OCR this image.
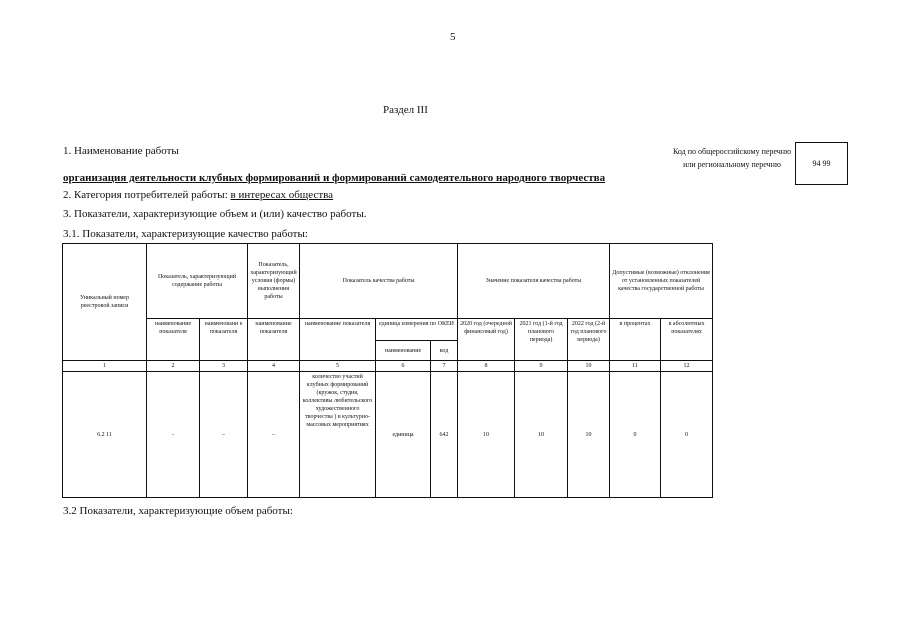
5
Раздел III
1. Наименование работы	Код по общероссийскому перечню или региональному перечню	94 99
организация деятельности клубных формирований и формирований самодеятельного народного творчества
2. Категория потребителей работы: в интересах общества
3. Показатели, характеризующие объем и (или) качество работы.
3.1. Показатели, характеризующие качество работы:
Уникальный номер реестровой записи	Показатель, характеризующий содержание работы		Показатель, характеризующий условия (формы) выполнения работы	Показатель качества работы			Значение показателя качества работы			Допустимые (возможные) отклонения от установленных показателей качества государственной работы	
	наименование показателя	наименовани е показателя	наименование показателя	наименование показателя	единица измерения по ОКЕИ		2020 год (очередной финансовый год)	2021 год (1-й год планового периода)	2022 год (2-й год планового периода)	в процентах	в абсолютных показателях
					наименование	код					
1	2	3	4	5	6	7	8	9	10	11	12
6.2 11	-	–	–	количество участий клубных формирований (кружок, студия, коллективы любительского художественного творчества ) в культурно-массовых мероприятиях	единица	642	10	10	10	0	0
3.2 Показатели, характеризующие объем работы:
